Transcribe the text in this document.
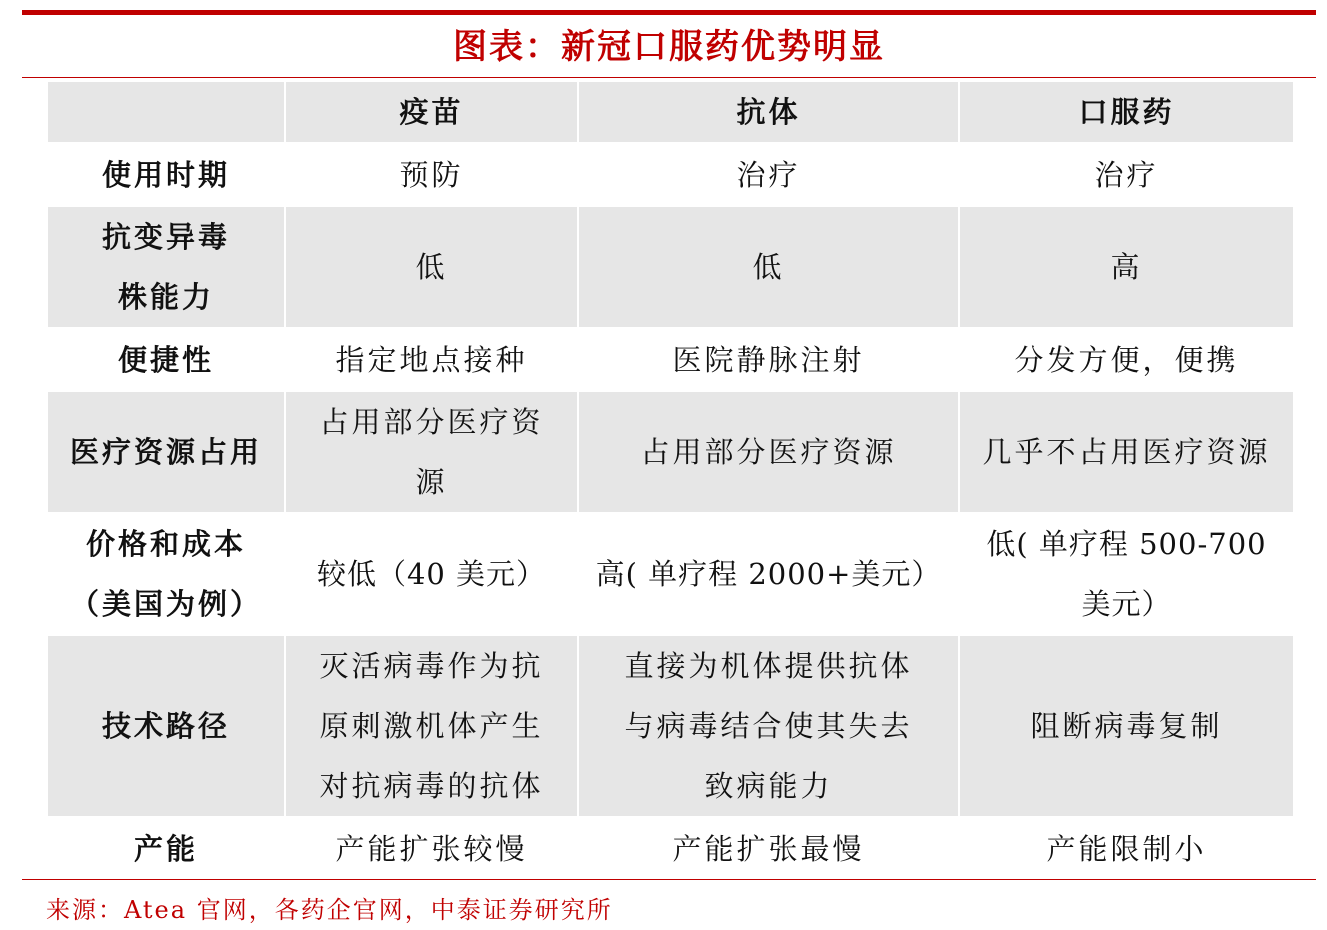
图表：新冠口服药优势明显
	疫苗	抗体	口服药
使用时期	预防	治疗	治疗
抗变异毒株能力	低	低	高
便捷性	指定地点接种	医院静脉注射	分发方便，便携
医疗资源占用	占用部分医疗资源	占用部分医疗资源	几乎不占用医疗资源
价格和成本（美国为例）	较低（40 美元）	高( 单疗程 2000+美元）	低( 单疗程 500-700 美元）
技术路径	灭活病毒作为抗原刺激机体产生对抗病毒的抗体	直接为机体提供抗体与病毒结合使其失去致病能力	阻断病毒复制
产能	产能扩张较慢	产能扩张最慢	产能限制小
来源：Atea 官网，各药企官网，中泰证券研究所
